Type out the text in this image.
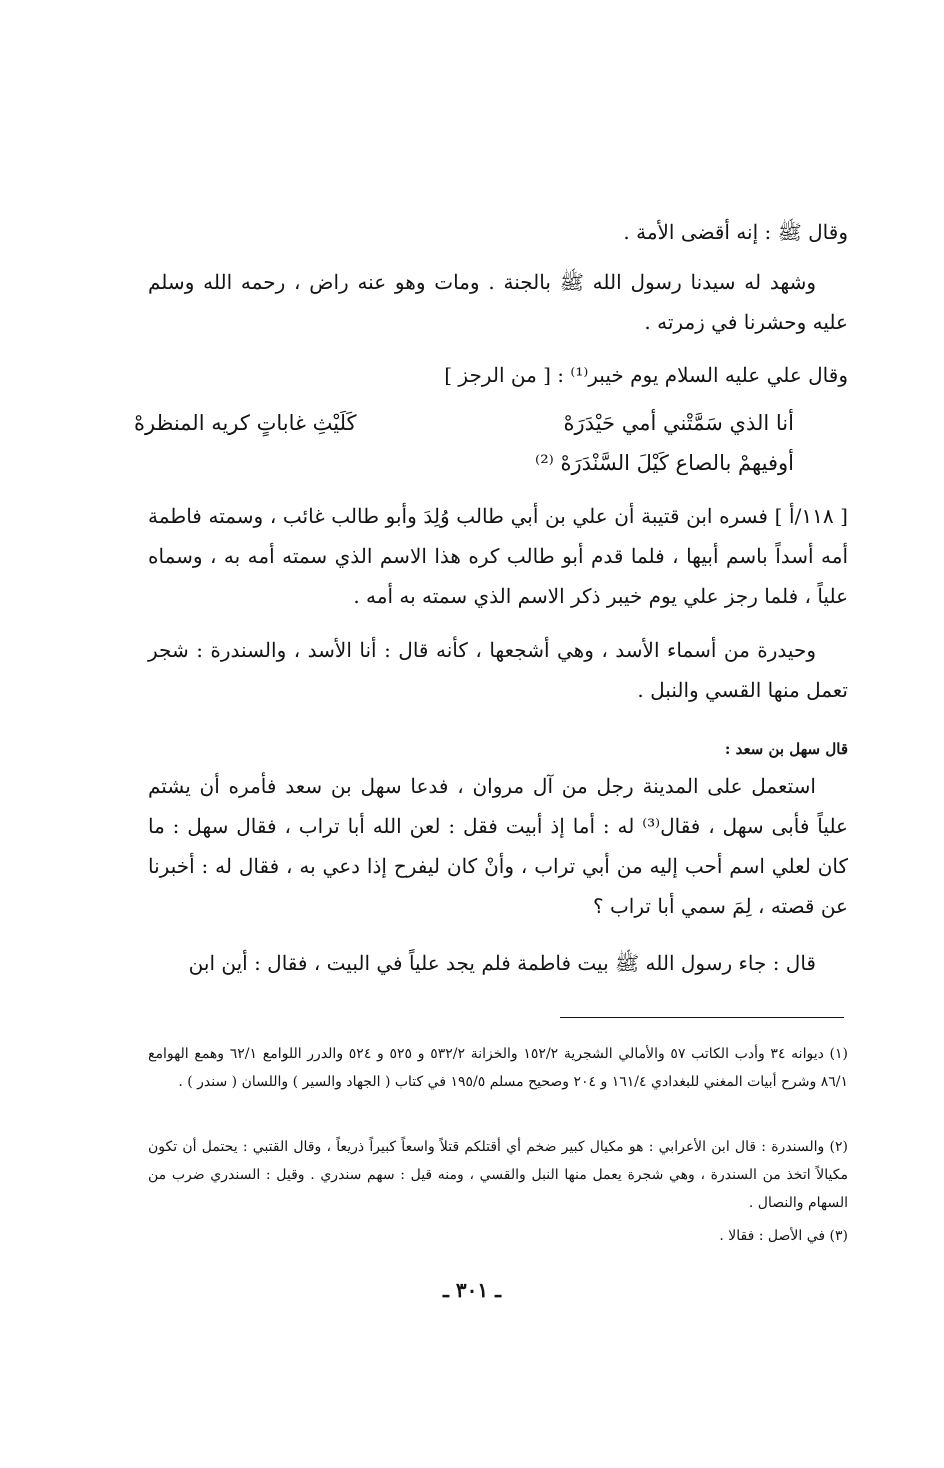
وقال ﷺ : إنه أقضى الأمة .
وشهد له سيدنا رسول الله ﷺ بالجنة . ومات وهو عنه راض ، رحمه الله وسلم عليه وحشرنا في زمرته .
وقال علي عليه السلام يوم خيبر⁽¹⁾ : [ من الرجز ]
أنا الذي سَمَّتْني أمي حَيْدَرَهْ
كَلَيْثِ غاباتٍ كريه المنظرهْ
أوفيهمْ بالصاع كَيْلَ السَّنْدَرَهْ ⁽²⁾
[ ١١٨/أ ] فسره ابن قتيبة أن علي بن أبي طالب وُلِدَ وأبو طالب غائب ، وسمته فاطمة أمه أسداً باسم أبيها ، فلما قدم أبو طالب كره هذا الاسم الذي سمته أمه به ، وسماه علياً ، فلما رجز علي يوم خيبر ذكر الاسم الذي سمته به أمه .
وحيدرة من أسماء الأسد ، وهي أشجعها ، كأنه قال : أنا الأسد ، والسندرة : شجر تعمل منها القسي والنبل .
قال سهل بن سعد :
استعمل على المدينة رجل من آل مروان ، فدعا سهل بن سعد فأمره أن يشتم علياً فأبى سهل ، فقال⁽³⁾ له : أما إذ أبيت فقل : لعن الله أبا تراب ، فقال سهل : ما كان لعلي اسم أحب إليه من أبي تراب ، وأنْ كان ليفرح إذا دعي به ، فقال له : أخبرنا عن قصته ، لِمَ سمي أبا تراب ؟
قال : جاء رسول الله ﷺ بيت فاطمة فلم يجد علياً في البيت ، فقال : أين ابن
(١) ديوانه ٣٤ وأدب الكاتب ٥٧ والأمالي الشجرية ١٥٢/٢ والخزانة ٥٣٢/٢ و ٥٢٥ و ٥٢٤ والدرر اللوامع ٦٢/١ وهمع الهوامع ٨٦/١ وشرح أبيات المغني للبغدادي ١٦١/٤ و ٢٠٤ وصحيح مسلم ١٩٥/٥ في كتاب ( الجهاد والسير ) واللسان ( سندر ) .
(٢) والسندرة : قال ابن الأعرابي : هو مكيال كبير ضخم أي أقتلكم قتلاً واسعاً كبيراً ذريعاً ، وقال القتبي : يحتمل أن تكون مكيالاً اتخذ من السندرة ، وهي شجرة يعمل منها النبل والقسي ، ومنه قيل : سهم سندري . وقيل : السندري ضرب من السهام والنصال .
(٣) في الأصل : فقالا .
ـ ٣٠١ ـ
